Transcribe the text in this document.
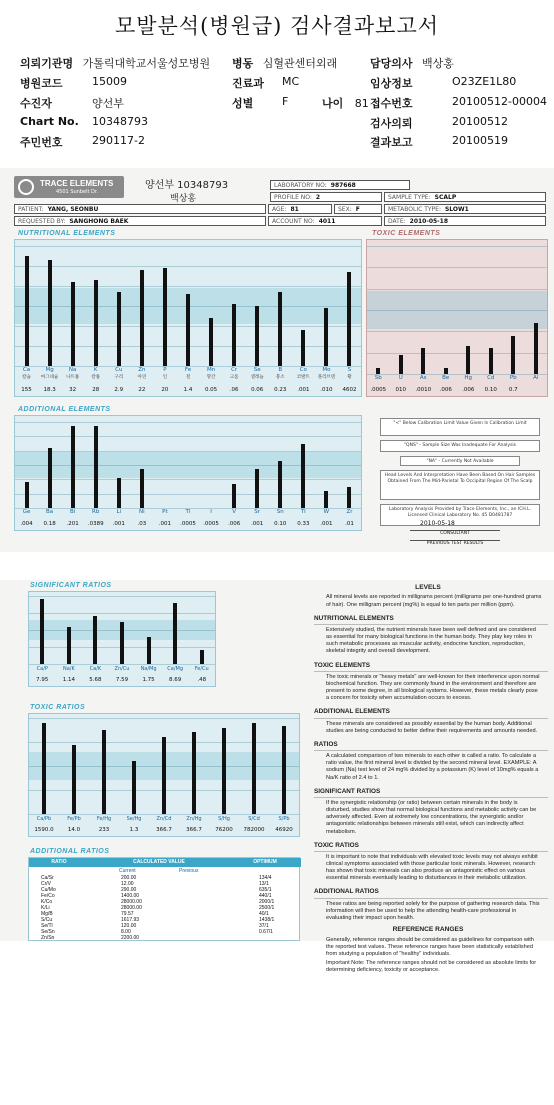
모발분석(병원급) 검사결과보고서
의뢰기관명 가톨릭대학교서울성모병원 병동 심혈관센터외래	담당의사 백상홍
병원코드	15009	진료과 MC	임상정보	O23ZE1L80
수진자	양선부	성별	F	나이 81 접수번호	20100512-00004
Chart No. 10348793	검사의뢰	20100512
주민번호	290117-2	결과보고	20100519
TRACE ELEMENTS
4501 Sunbelt Dr.
양선부 10348793
백상홍
LABORATORY NO: 987668
PROFILE NO: 2	SAMPLE TYPE: SCALP
PATIENT: YANG, SEONBU	AGE: 81	SEX: F	METABOLIC TYPE: SLOW1
REQUESTED BY: SANGHONG BAEK	ACCOUNT NO: 4011	DATE: 2010-05-18
NUTRITIONAL ELEMENTS
Ca
칼슘
155
Mg
마그네슘
18.3
Na
나트륨
32
K
칼륨
28
Cu
구리
2.9
Zn
아연
22
P
인
20
Fe
철
1.4
Mn
망간
0.05
Cr
크롬
.06
Se
셀레늄
0.06
B
붕소
0.23
Co
코발트
.001
Mo
몰리브덴
.010
S
황
4602
TOXIC ELEMENTS
Sb
.0005
U
010
As
.0010
Be
.006
Hg
.006
Cd
0.10
Pb
0.7
Al
ADDITIONAL ELEMENTS
Ge
.004
Ba
0.18
Bi
.201
Rb
.0389
Li
.001
Ni
.03
Pt
.001
Tl
.0005
I
.0005
V
.006
Sr
.001
Sn
0.10
Ti
0.33
W
.001
Zr
.01
"<" Below Calibration Limit Value Given Is Calibration Limit
"QNS" - Sample Size Was Inadequate For Analysis
"NA" - Currently Not Available
Head Levels And Interpretation Have Been Based On Hair Samples Obtained From The Mid-Parietal To Occipital Region Of The Scalp
Laboratory Analysis Provided by Trace Elements, Inc., an ICH.L. Licensed Clinical Laboratory No. 45 D0481787
2010-05-18
CONSULTANT
PREVIOUS TEST RESULTS
SIGNIFICANT RATIOS
Ca/P
7.95
Na/K
1.14
Ca/K
5.68
Zn/Cu
7.59
Na/Mg
1.75
Ca/Mg
8.69
Fe/Cu
.48
TOXIC RATIOS
Ca/Pb
1590.0
Fe/Pb
14.0
Fe/Hg
233
Se/Hg
1.3
Zn/Cd
366.7
Zn/Hg
366.7
S/Hg
76200
S/Cd
782000
S/Pb
46920
ADDITIONAL RATIOS
RATIO	CALCULATED VALUE	OPTIMUM
Current	Previous
Ca/Sr	200.00	134/4
Cr/V	12.00	13/1
Cu/Mo	290.00	635/1
Fe/Co	1400.00	440/1
K/Co	28000.00	2000/1
K/Li	28000.00	2500/1
Mg/B	79.57	40/1
S/Cu	1617.93	1438/1
Se/Tl	120.00	37/1
Se/Sn	8.00	0.67/1
Zn/Sn	2200.00
LEVELS
All mineral levels are reported in milligrams percent (milligrams per one-hundred grams of hair). One milligram percent (mg%) is equal to ten parts per million (ppm).
NUTRITIONAL ELEMENTS
Extensively studied, the nutrient minerals have been well defined and are considered as essential for many biological functions in the human body. They play key roles in such metabolic processes as muscular activity, endocrine function, reproduction, skeletal integrity and overall development.
TOXIC ELEMENTS
The toxic minerals or "heavy metals" are well-known for their interference upon normal biochemical function. They are commonly found in the environment and therefore are present to some degree, in all biological systems. However, these metals clearly pose a concern for toxicity when accumulation occurs to excess.
ADDITIONAL ELEMENTS
These minerals are considered as possibly essential by the human body. Additional studies are being conducted to better define their requirements and amounts needed.
RATIOS
A calculated comparison of two minerals to each other is called a ratio. To calculate a ratio value, the first mineral level is divided by the second mineral level. EXAMPLE: A sodium (Na) test level of 24 mg% divided by a potassium (K) level of 10mg% equals a Na/K ratio of 2.4 to 1.
SIGNIFICANT RATIOS
If the synergistic relationship (or ratio) between certain minerals in the body is disturbed, studies show that normal biological functions and metabolic activity can be adversely affected. Even at extremely low concentrations, the synergistic and/or antagonistic relationships between minerals still exist, which can indirectly affect metabolism.
TOXIC RATIOS
It is important to note that individuals with elevated toxic levels may not always exhibit clinical symptoms associated with those particular toxic minerals. However, research has shown that toxic minerals can also produce an antagonistic effect on various essential minerals eventually leading to disturbances in their metabolic utilization.
ADDITIONAL RATIOS
These ratios are being reported solely for the purpose of gathering research data. This information will then be used to help the attending health-care professional in evaluating their impact upon health.
REFERENCE RANGES
Generally, reference ranges should be considered as guidelines for comparison with the reported test values. These reference ranges have been statistically established from studying a population of "healthy" individuals.
Important Note: The reference ranges should not be considered as absolute limits for determining deficiency, toxicity or acceptance.
